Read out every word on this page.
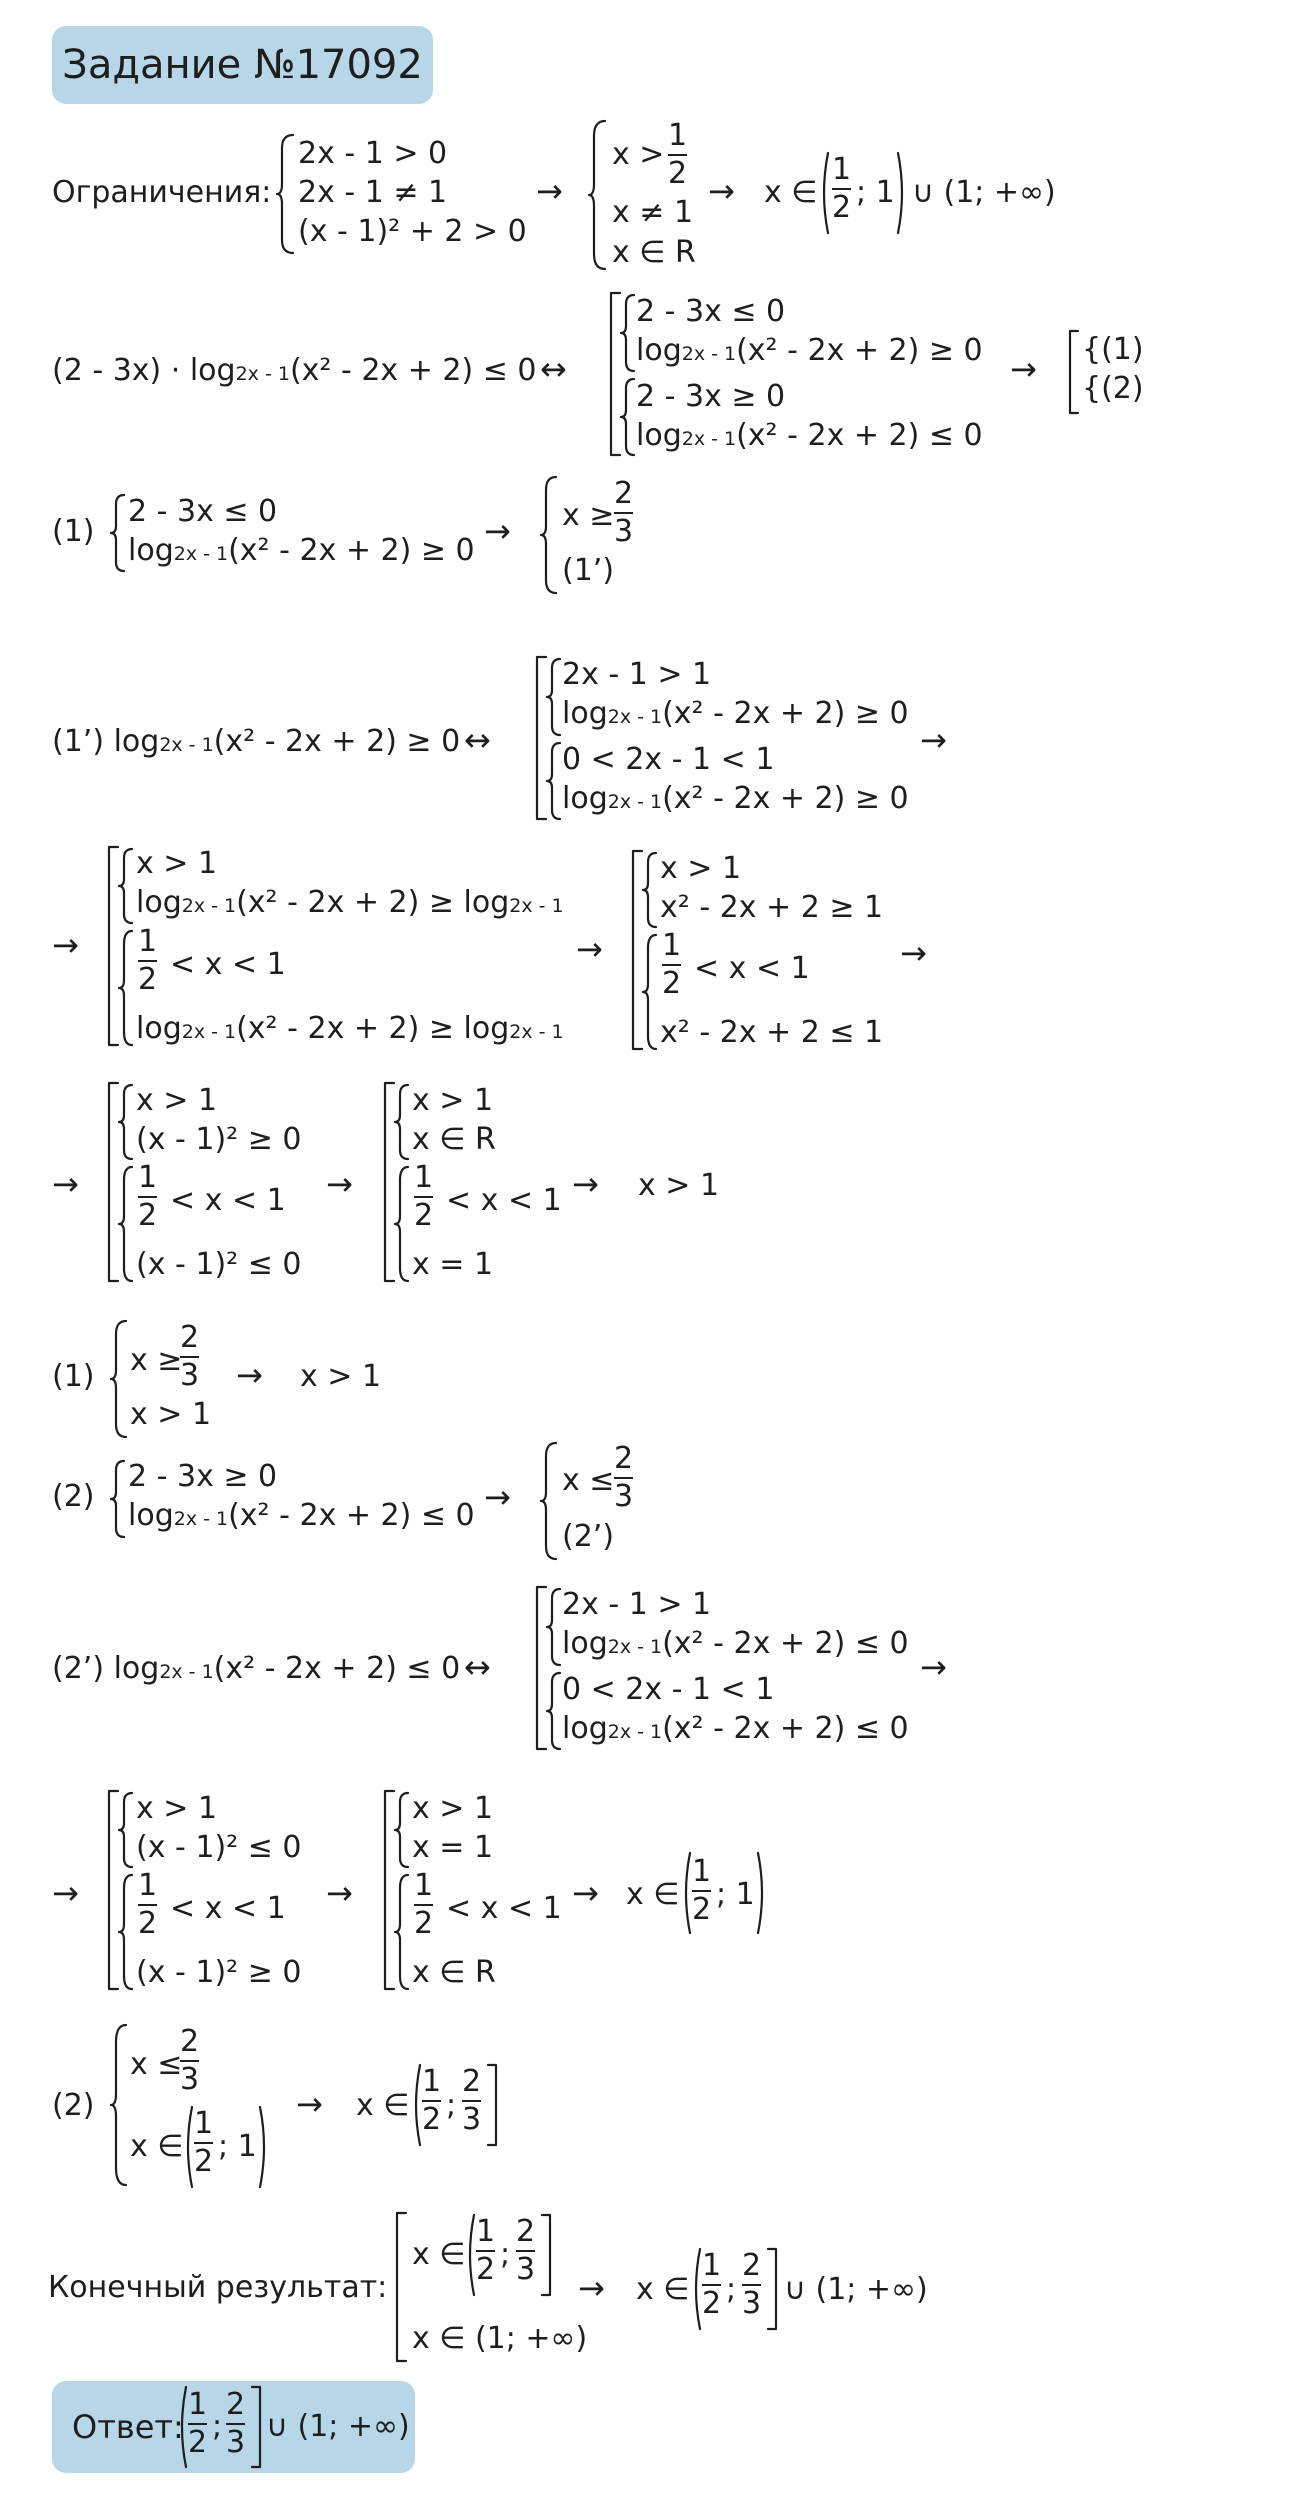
Задание №17092
Ограничения:
2x - 1 > 0
2x - 1 ≠ 1
(x - 1)² + 2 > 0
→
x >
1
2
x ≠ 1
x ∈ R
→ x ∈
1
2 ; 1 ∪ (1; +∞)
(2 - 3x) · log2x - 1(x² - 2x + 2) ≤ 0 ↔
2 - 3x ≤ 0
log2x - 1(x² - 2x + 2) ≥ 0
2 - 3x ≥ 0
log2x - 1(x² - 2x + 2) ≤ 0
→
{(1)
{(2)
(1)
2 - 3x ≤ 0
log2x - 1(x² - 2x + 2) ≥ 0
→ x ≥
2
3
(1’)
(1’) log2x - 1(x² - 2x + 2) ≥ 0 ↔
2x - 1 > 1
log2x - 1(x² - 2x + 2) ≥ 0
0 < 2x - 1 < 1
log2x - 1(x² - 2x + 2) ≥ 0
→
→
x > 1
log2x - 1(x² - 2x + 2) ≥ log2x - 1
1
2 < x < 1
log2x - 1(x² - 2x + 2) ≥ log2x - 1
→
x > 1
x² - 2x + 2 ≥ 1
1
2 < x < 1
x² - 2x + 2 ≤ 1
→
→
x > 1
(x - 1)² ≥ 0
1
2 < x < 1
(x - 1)² ≤ 0
→
x > 1
x ∈ R
1
2 < x < 1
x = 1
→ x > 1
(1) x ≥
2
3
x > 1
→ x > 1
(2)
2 - 3x ≥ 0
log2x - 1(x² - 2x + 2) ≤ 0 → x ≤
2
3
(2’)
(2’) log2x - 1(x² - 2x + 2) ≤ 0 ↔
2x - 1 > 1
log2x - 1(x² - 2x + 2) ≤ 0
0 < 2x - 1 < 1
log2x - 1(x² - 2x + 2) ≤ 0
→
→
x > 1
(x - 1)² ≤ 0
1
2 < x < 1
(x - 1)² ≥ 0
→
x > 1
x = 1
1
2 < x < 1
x ∈ R
→ x ∈
1
2 ; 1
(2)
x ≤
2
3
x ∈
1
2 ; 1
→ x ∈
1
2 ;
2
3
Конечный результат:
x ∈
1
2 ;
2
3
x ∈ (1; +∞)
→ x ∈
1
2 ;
2
3 ∪ (1; +∞)
Ответ:
1
2 ;
2
3 ∪ (1; +∞)
